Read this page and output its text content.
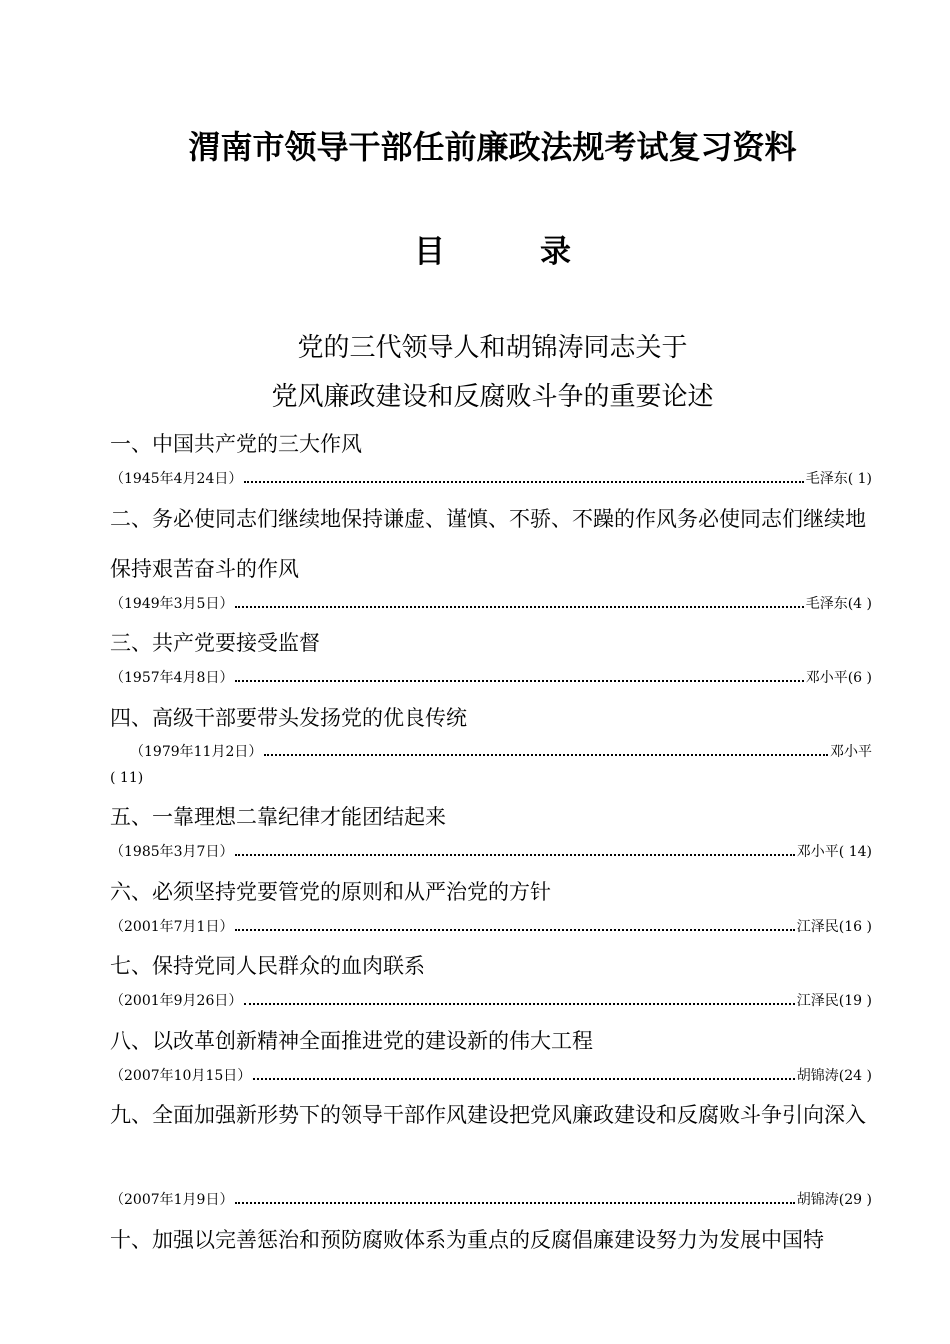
渭南市领导干部任前廉政法规考试复习资料
目	录
党的三代领导人和胡锦涛同志关于
党风廉政建设和反腐败斗争的重要论述
一、中国共产党的三大作风
（1945年4月24日）	毛泽东( 1)
二、务必使同志们继续地保持谦虚、谨慎、不骄、不躁的作风务必使同志们继续地保持艰苦奋斗的作风
（1949年3月5日）	毛泽东(4 )
三、共产党要接受监督
（1957年4月8日）	邓小平(6 )
四、高级干部要带头发扬党的优良传统
（1979年11月2日）	邓小平
( 11)
五、一靠理想二靠纪律才能团结起来
（1985年3月7日）	邓小平( 14)
六、必须坚持党要管党的原则和从严治党的方针
（2001年7月1日）	江泽民(16 )
七、保持党同人民群众的血肉联系
（2001年9月26日）	江泽民(19 )
八、以改革创新精神全面推进党的建设新的伟大工程
（2007年10月15日）	胡锦涛(24 )
九、全面加强新形势下的领导干部作风建设把党风廉政建设和反腐败斗争引向深入
（2007年1月9日）	胡锦涛(29 )
十、加强以完善惩治和预防腐败体系为重点的反腐倡廉建设努力为发展中国特
